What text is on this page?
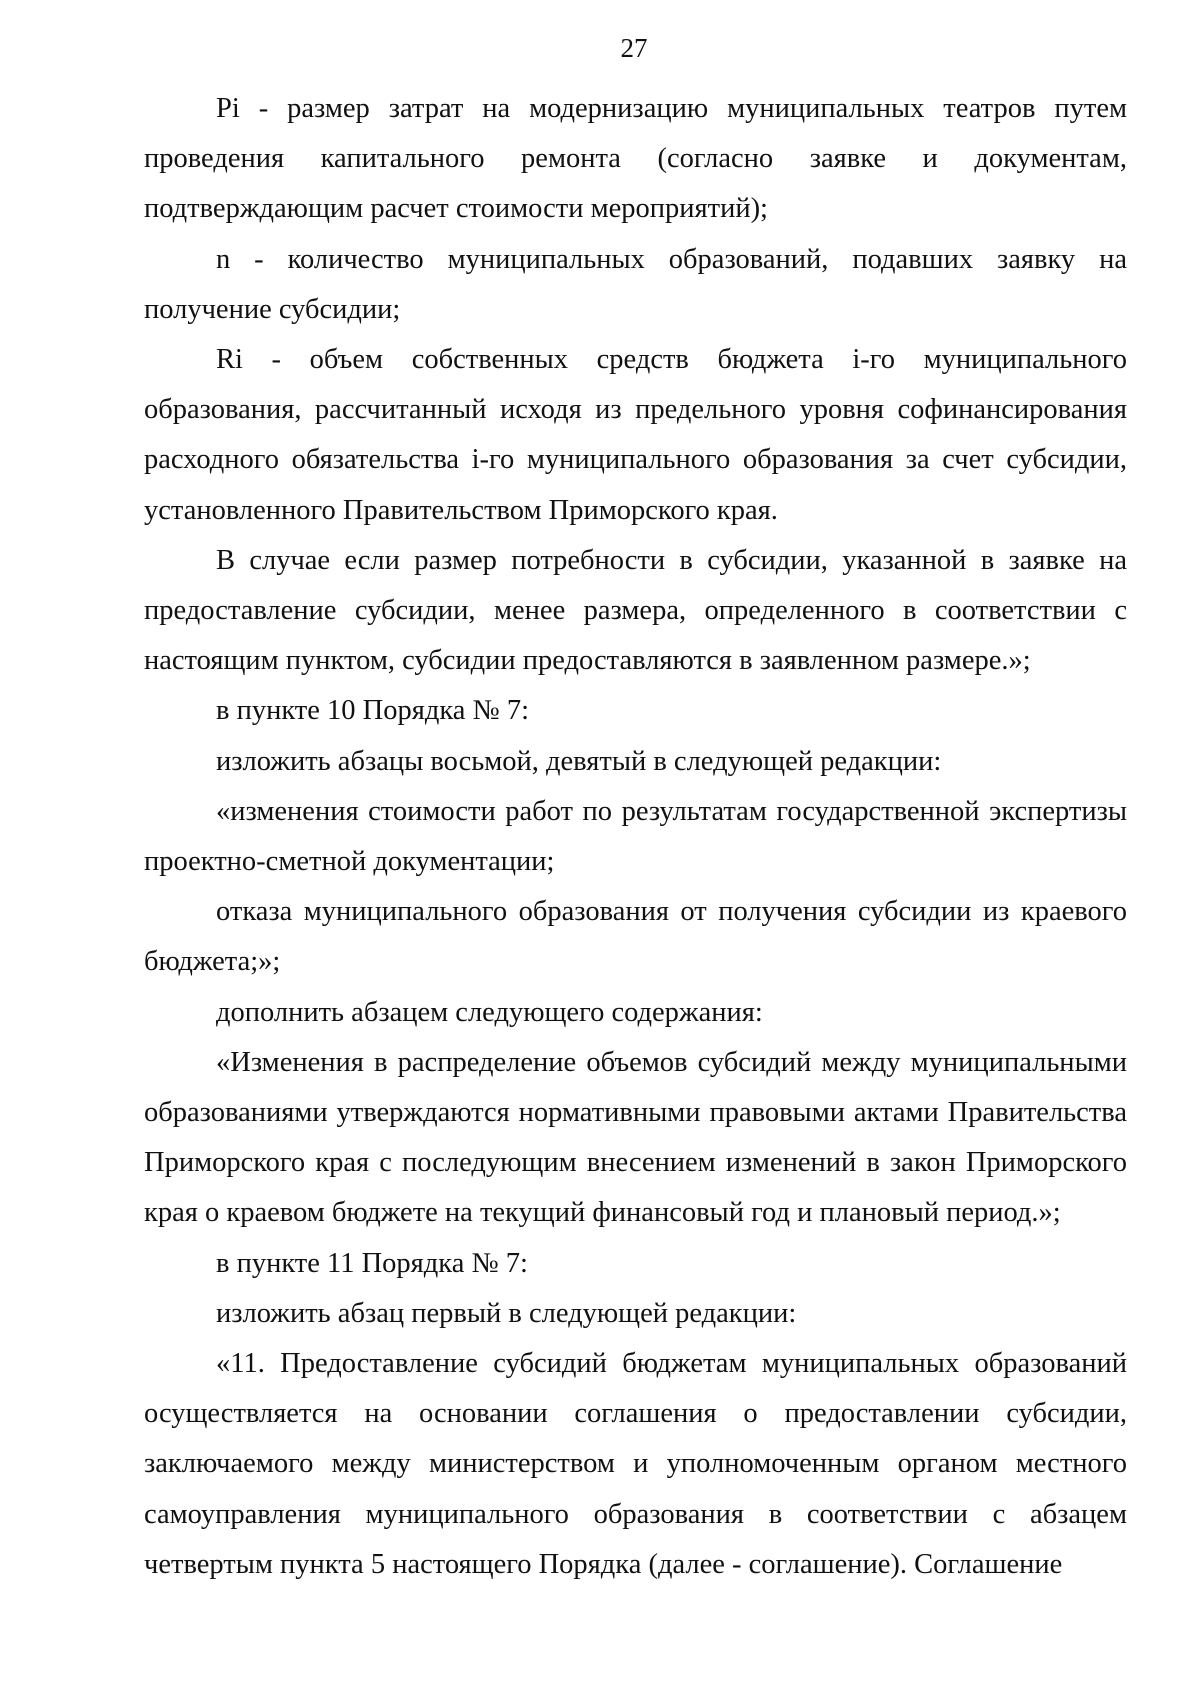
27

Pi - размер затрат на модернизацию муниципальных театров путем проведения капитального ремонта (согласно заявке и документам, подтверждающим расчет стоимости мероприятий);

n - количество муниципальных образований, подавших заявку на получение субсидии;

Ri - объем собственных средств бюджета i-го муниципального образования, рассчитанный исходя из предельного уровня софинансирования расходного обязательства i-го муниципального образования за счет субсидии, установленного Правительством Приморского края.

В случае если размер потребности в субсидии, указанной в заявке на предоставление субсидии, менее размера, определенного в соответствии с настоящим пунктом, субсидии предоставляются в заявленном размере.»;

в пункте 10 Порядка № 7:

изложить абзацы восьмой, девятый в следующей редакции:

«изменения стоимости работ по результатам государственной экспертизы проектно-сметной документации;

отказа муниципального образования от получения субсидии из краевого бюджета;»;

дополнить абзацем следующего содержания:

«Изменения в распределение объемов субсидий между муниципальными образованиями утверждаются нормативными правовыми актами Правительства Приморского края с последующим внесением изменений в закон Приморского края о краевом бюджете на текущий финансовый год и плановый период.»;

в пункте 11 Порядка № 7:

изложить абзац первый в следующей редакции:

«11. Предоставление субсидий бюджетам муниципальных образований осуществляется на основании соглашения о предоставлении субсидии, заключаемого между министерством и уполномоченным органом местного самоуправления муниципального образования в соответствии с абзацем четвертым пункта 5 настоящего Порядка (далее - соглашение). Соглашение
